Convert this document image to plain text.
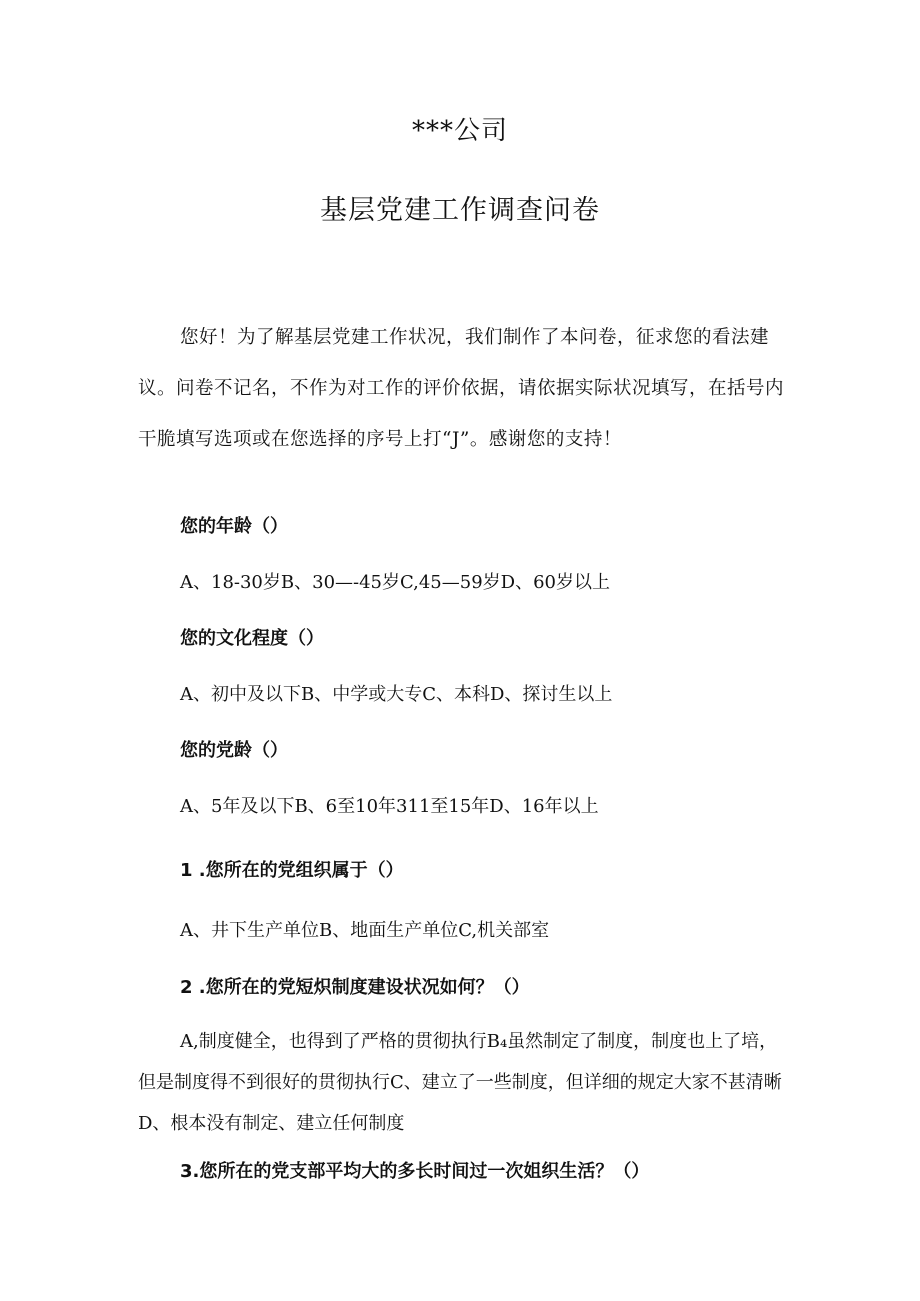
***公司
基层党建工作调查问卷

您好！为了解基层党建工作状况，我们制作了本问卷，征求您的看法建议。问卷不记名，不作为对工作的评价依据，请依据实际状况填写，在括号内干脆填写选项或在您选择的序号上打“J”。感谢您的支持！

您的年龄（）

A、18-30岁B、30—-45岁C,45—59岁D、60岁以上

您的文化程度（）

A、初中及以下B、中学或大专C、本科D、探讨生以上

您的党龄（）

A、5年及以下B、6至10年311至15年D、16年以上

1 .您所在的党组织属于（）

A、井下生产单位B、地面生产单位C,机关部室

2 .您所在的党短炽制度建设状况如何？（）

A,制度健全，也得到了严格的贯彻执行B₄虽然制定了制度，制度也上了培，但是制度得不到很好的贯彻执行C、建立了一些制度，但详细的规定大家不甚清晰D、根本没有制定、建立任何制度

3.您所在的党支部平均大的多长时间过一次姐织生活？（）
